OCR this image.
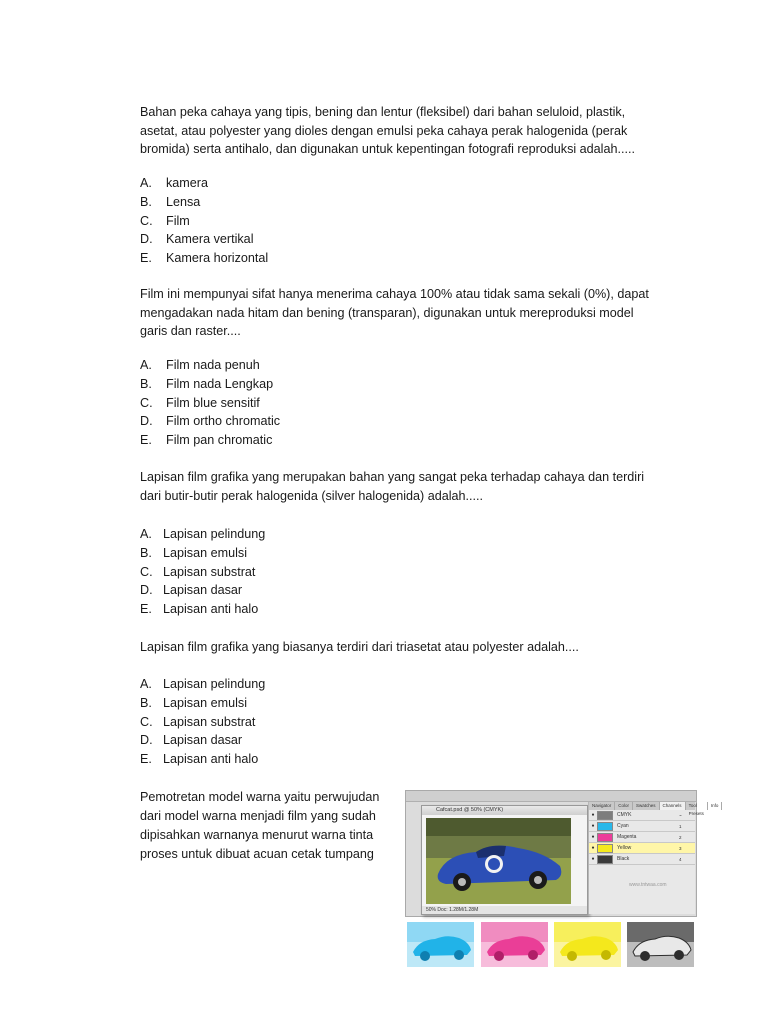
Bahan peka cahaya yang tipis, bening dan lentur (fleksibel) dari bahan seluloid, plastik, asetat, atau polyester yang dioles dengan emulsi peka cahaya perak halogenida (perak bromida) serta antihalo, dan digunakan untuk kepentingan fotografi reproduksi adalah.....

A.	kamera
B.	Lensa
C.	Film
D.	Kamera vertikal
E.	Kamera horizontal

Film ini mempunyai sifat hanya menerima cahaya 100% atau tidak sama sekali (0%), dapat mengadakan nada hitam dan bening (transparan), digunakan untuk mereproduksi model garis dan raster....

A.	Film nada penuh
B.	Film nada Lengkap
C.	Film blue sensitif
D.	Film ortho chromatic
E.	Film pan chromatic

Lapisan film grafika yang merupakan bahan yang sangat peka terhadap cahaya dan terdiri dari butir-butir perak halogenida (silver halogenida) adalah.....

A. Lapisan pelindung
B. Lapisan emulsi
C. Lapisan substrat
D. Lapisan dasar
E. Lapisan anti halo

Lapisan film grafika yang biasanya terdiri dari triasetat atau polyester adalah....

A. Lapisan pelindung
B. Lapisan emulsi
C. Lapisan substrat
D. Lapisan dasar
E. Lapisan anti halo

Pemotretan model warna yaitu perwujudan dari model warna menjadi film yang sudah dipisahkan warnanya menurut warna tinta proses untuk dibuat acuan cetak tumpang

Cafcat.psd @ 50% (CMYK)
50% Doc: 1.28M/1.28M
Navigator	Color	Swatches	Channels	Tool Presets
Info
●	CMYK	~
●	Cyan	1
●	Magenta	2
●	Yellow	3
●	Black	4
www.tntwaa.com
